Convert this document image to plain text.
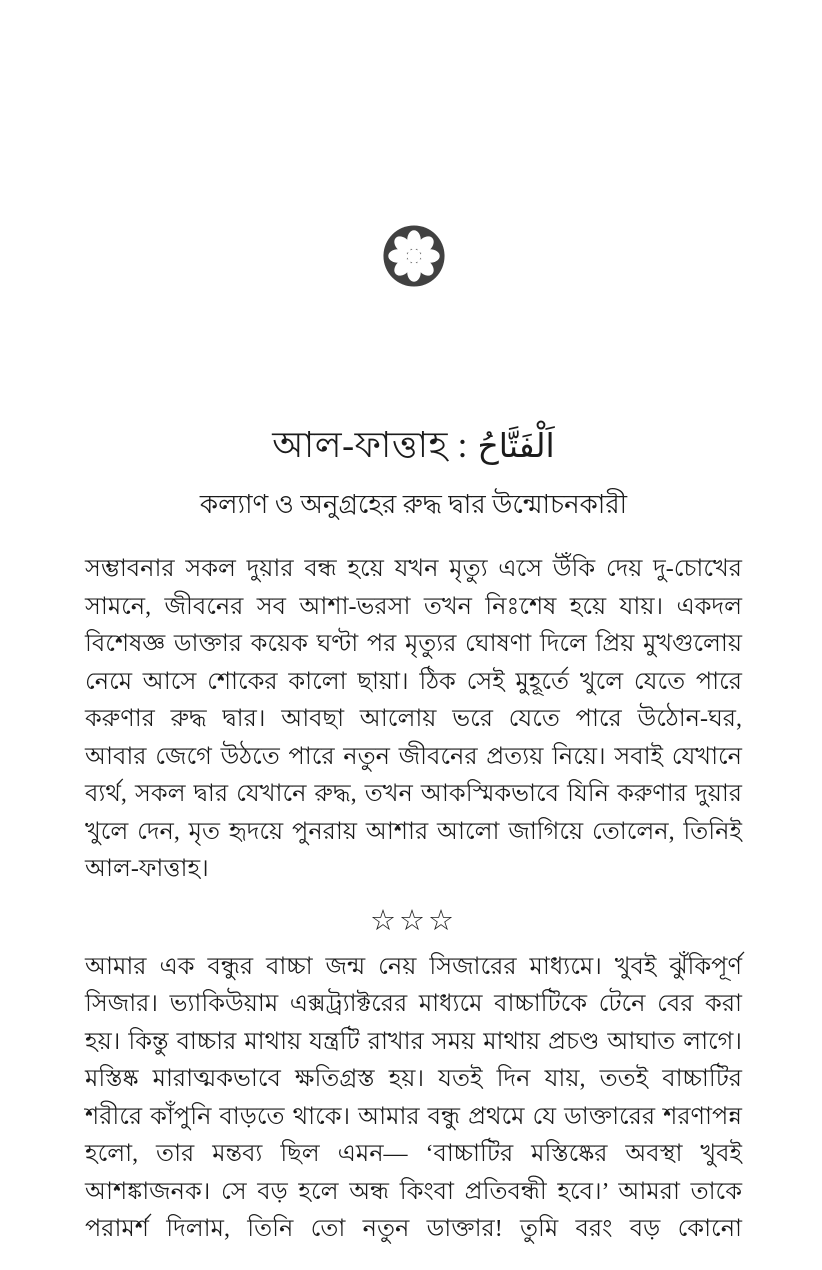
আল-ফাত্তাহ : اَلْفَتَّاحُ
কল্যাণ ও অনুগ্রহের রুদ্ধ দ্বার উন্মোচনকারী

সম্ভাবনার সকল দুয়ার বন্ধ হয়ে যখন মৃত্যু এসে উঁকি দেয় দু-চোখের সামনে, জীবনের সব আশা-ভরসা তখন নিঃশেষ হয়ে যায়। একদল বিশেষজ্ঞ ডাক্তার কয়েক ঘণ্টা পর মৃত্যুর ঘোষণা দিলে প্রিয় মুখগুলোয় নেমে আসে শোকের কালো ছায়া। ঠিক সেই মুহূর্তে খুলে যেতে পারে করুণার রুদ্ধ দ্বার। আবছা আলোয় ভরে যেতে পারে উঠোন-ঘর, আবার জেগে উঠতে পারে নতুন জীবনের প্রত্যয় নিয়ে। সবাই যেখানে ব্যর্থ, সকল দ্বার যেখানে রুদ্ধ, তখন আকস্মিকভাবে যিনি করুণার দুয়ার খুলে দেন, মৃত হৃদয়ে পুনরায় আশার আলো জাগিয়ে তোলেন, তিনিই আল-ফাত্তাহ।

☆☆☆

আমার এক বন্ধুর বাচ্চা জন্ম নেয় সিজারের মাধ্যমে। খুবই ঝুঁকিপূর্ণ সিজার। ভ্যাকিউয়াম এক্সট্র্যাক্টরের মাধ্যমে বাচ্চাটিকে টেনে বের করা হয়। কিন্তু বাচ্চার মাথায় যন্ত্রটি রাখার সময় মাথায় প্রচণ্ড আঘাত লাগে। মস্তিষ্ক মারাত্মকভাবে ক্ষতিগ্রস্ত হয়। যতই দিন যায়, ততই বাচ্চাটির শরীরে কাঁপুনি বাড়তে থাকে। আমার বন্ধু প্রথমে যে ডাক্তারের শরণাপন্ন হলো, তার মন্তব্য ছিল এমন— ‘বাচ্চাটির মস্তিষ্কের অবস্থা খুবই আশঙ্কাজনক। সে বড় হলে অন্ধ কিংবা প্রতিবন্ধী হবে।’ আমরা তাকে পরামর্শ দিলাম, তিনি তো নতুন ডাক্তার! তুমি বরং বড় কোনো
